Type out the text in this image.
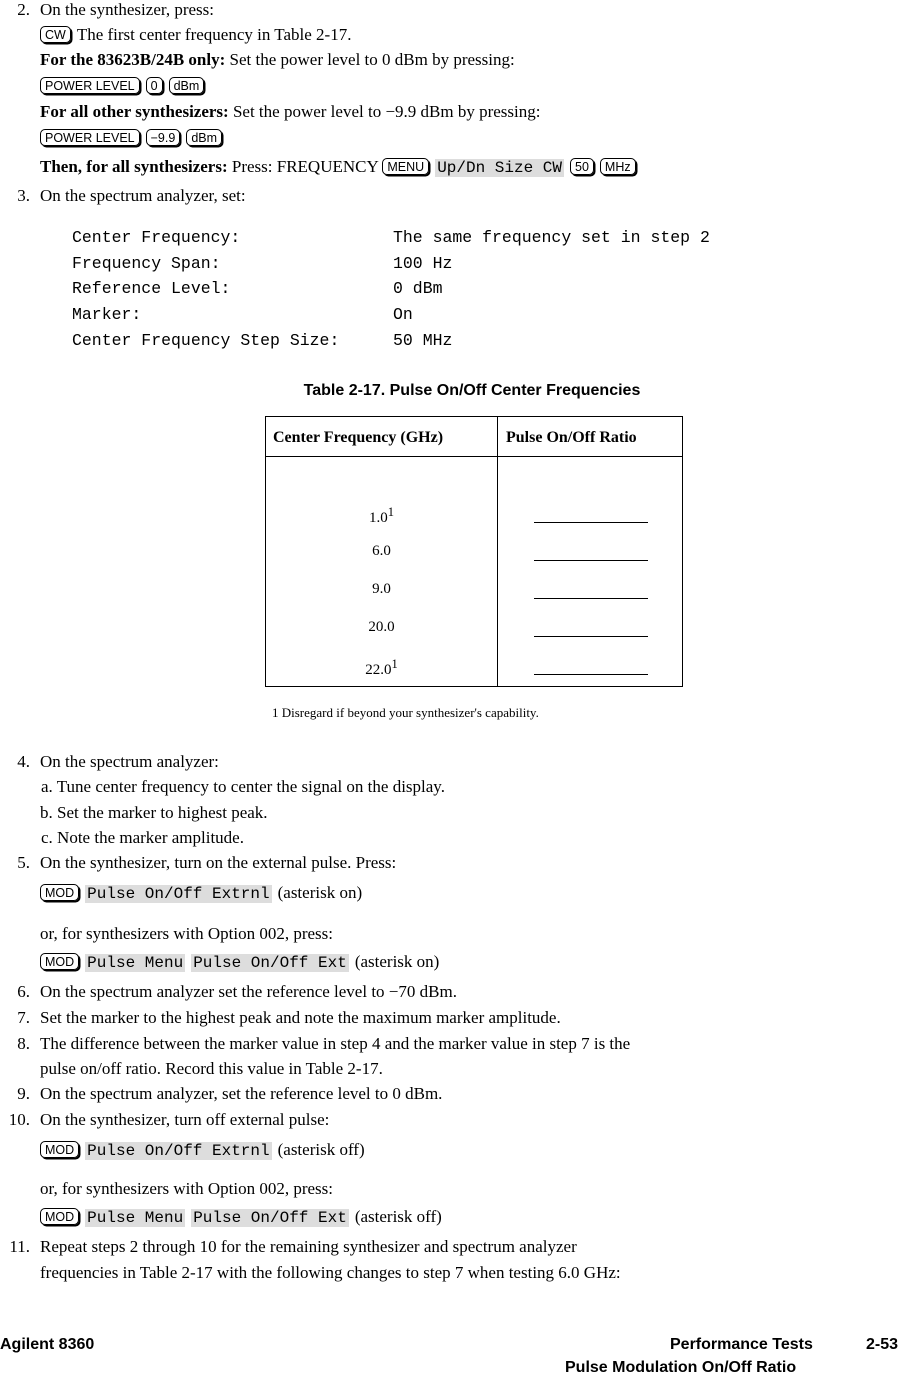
2. On the synthesizer, press:
CW The first center frequency in Table 2-17.
For the 83623B/24B only: Set the power level to 0 dBm by pressing:
POWER LEVEL 0 dBm
For all other synthesizers: Set the power level to −9.9 dBm by pressing:
POWER LEVEL −9.9 dBm
Then, for all synthesizers: Press: FREQUENCY MENU Up/Dn Size CW 50 MHz
3. On the spectrum analyzer, set:
Center Frequency:	The same frequency set in step 2
Frequency Span:	100 Hz
Reference Level:	0 dBm
Marker:	On
Center Frequency Step Size:	50 MHz
Table 2-17. Pulse On/Off Center Frequencies
Center Frequency (GHz)	Pulse On/Off Ratio
$1.0^1$
6.0
9.0
20.0
22.0$^1$
1 Disregard if beyond your synthesizer's capability.
4. On the spectrum analyzer:
a. Tune center frequency to center the signal on the display.
b. Set the marker to highest peak.
c. Note the marker amplitude.
5. On the synthesizer, turn on the external pulse. Press:
MOD Pulse On/Off Extrnl (asterisk on)
or, for synthesizers with Option 002, press:
MOD Pulse Menu Pulse On/Off Ext (asterisk on)
6. On the spectrum analyzer set the reference level to −70 dBm.
7. Set the marker to the highest peak and note the maximum marker amplitude.
8. The difference between the marker value in step 4 and the marker value in step 7 is the
pulse on/off ratio. Record this value in Table 2-17.
9. On the spectrum analyzer, set the reference level to 0 dBm.
10. On the synthesizer, turn off external pulse:
MOD Pulse On/Off Extrnl (asterisk off)
or, for synthesizers with Option 002, press:
MOD Pulse Menu Pulse On/Off Ext (asterisk off)
11. Repeat steps 2 through 10 for the remaining synthesizer and spectrum analyzer
frequencies in Table 2-17 with the following changes to step 7 when testing 6.0 GHz:
Agilent 8360	Performance Tests	2-53
Pulse Modulation On/Off Ratio
